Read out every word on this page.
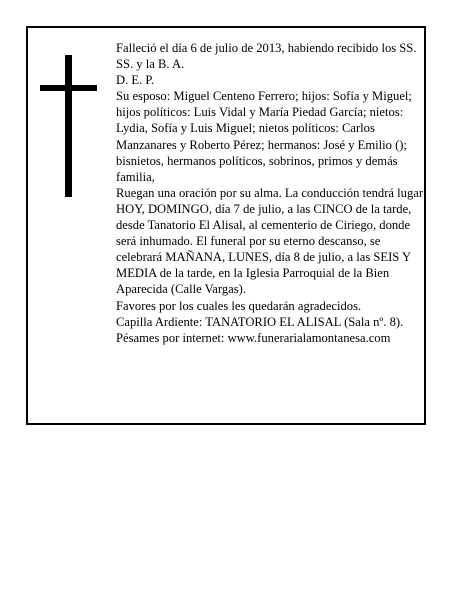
Falleció el día 6 de julio de 2013, habiendo recibido los SS. SS. y la B. A.

D. E. P.

Su esposo: Miguel Centeno Ferrero; hijos: Sofía y Miguel; hijos políticos: Luis Vidal y María Piedad García; nietos: Lydia, Sofía y Luis Miguel; nietos políticos: Carlos Manzanares y Roberto Pérez; hermanos: José y Emilio (); bisnietos, hermanos políticos, sobrinos, primos y demás familia,

Ruegan una oración por su alma. La conducción tendrá lugar HOY, DOMINGO, día 7 de julio, a las CINCO de la tarde, desde Tanatorio El Alisal, al cementerio de Ciriego, donde será inhumado. El funeral por su eterno descanso, se celebrará MAÑANA, LUNES, día 8 de julio, a las SEIS Y MEDIA de la tarde, en la Iglesia Parroquial de la Bien Aparecida (Calle Vargas).

Favores por los cuales les quedarán agradecidos.

Capilla Ardiente: TANATORIO EL ALISAL (Sala nº. 8).

Pésames por internet: www.funerarialamontanesa.com
